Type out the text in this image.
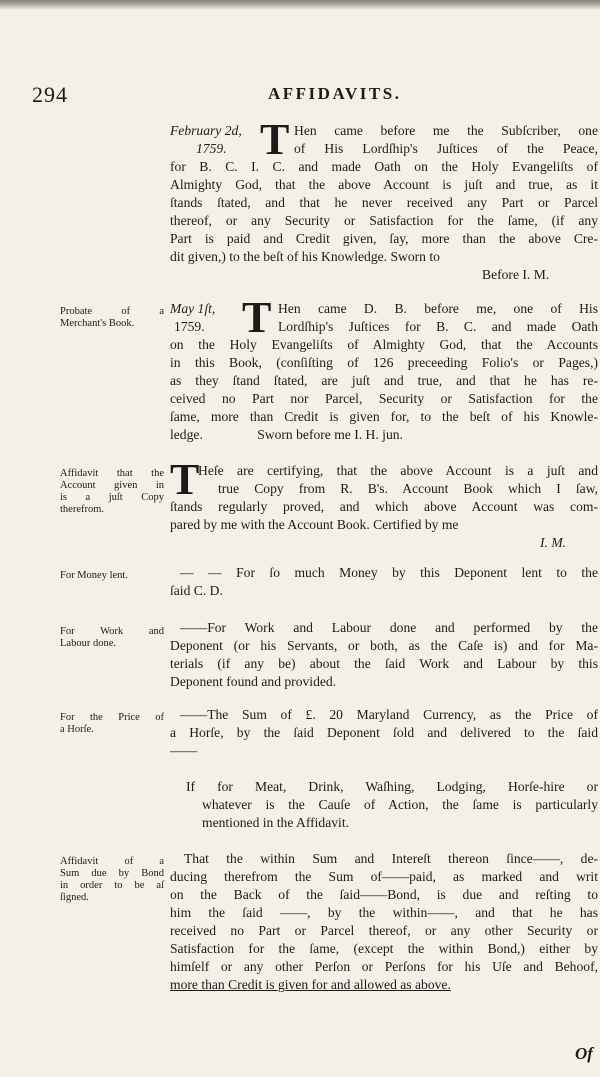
294	AFFIDAVITS.
February 2d,
1759. T Hen came before me the Subſcriber, one
of His Lordſhip's Juſtices of the Peace,
for B. C. I. C. and made Oath on the Holy Evangeliſts of
Almighty God, that the above Account is juſt and true, as it
ſtands ſtated, and that he never received any Part or Parcel
thereof, or any Security or Satisfaction for the ſame, (if any
Part is paid and Credit given, ſay, more than the above Cre-
dit given,) to the beſt of his Knowledge. Sworn to
Before I. M.
Probate of a
Merchant's Book.
May 1ſt,
1759. T Hen came D. B. before me, one of His
Lordſhip's Juſtices for B. C. and made Oath
on the Holy Evangeliſts of Almighty God, that the Accounts
in this Book, (conſiſting of 126 preceeding Folio's or Pages,)
as they ſtand ſtated, are juſt and true, and that he has re-
ceived no Part nor Parcel, Security or Satisfaction for the
ſame, more than Credit is given for, to the beſt of his Knowle-
ledge.                Sworn before me I. H. jun.
Affidavit that the
Account given in
is a juſt Copy
therefrom.
T
Heſe are certifying, that the above Account is a juſt and
true Copy from R. B's. Account Book which I ſaw,
ſtands regularly proved, and which above Account was com-
pared by me with the Account Book. Certified by me
I. M.
For Money lent.	— — For ſo much Money by this Deponent lent to the
ſaid C. D.
For Work and
Labour done.
——For Work and Labour done and performed by the
Deponent (or his Servants, or both, as the Caſe is) and for Ma-
terials (if any be) about the ſaid Work and Labour by this
Deponent found and provided.
For the Price of
a Horſe.
——The Sum of £. 20 Maryland Currency, as the Price of
a Horſe, by the ſaid Deponent ſold and delivered to the ſaid
——
If for Meat, Drink, Waſhing, Lodging, Horſe-hire or
whatever is the Cauſe of Action, the ſame is particularly
mentioned in the Affidavit.
Affidavit of a
Sum due by Bond
in order to be aſ
ſigned.
That the within Sum and Intereſt thereon ſince——, de-
ducing therefrom the Sum of——paid, as marked and writ
on the Back of the ſaid——Bond, is due and reſting to
him the ſaid ——, by the within——, and that he has
received no Part or Parcel thereof, or any other Security or
Satisfaction for the ſame, (except the within Bond,) either by
himſelf or any other Perſon or Perſons for his Uſe and Behoof,
more than Credit is given for and allowed as above.
Of
